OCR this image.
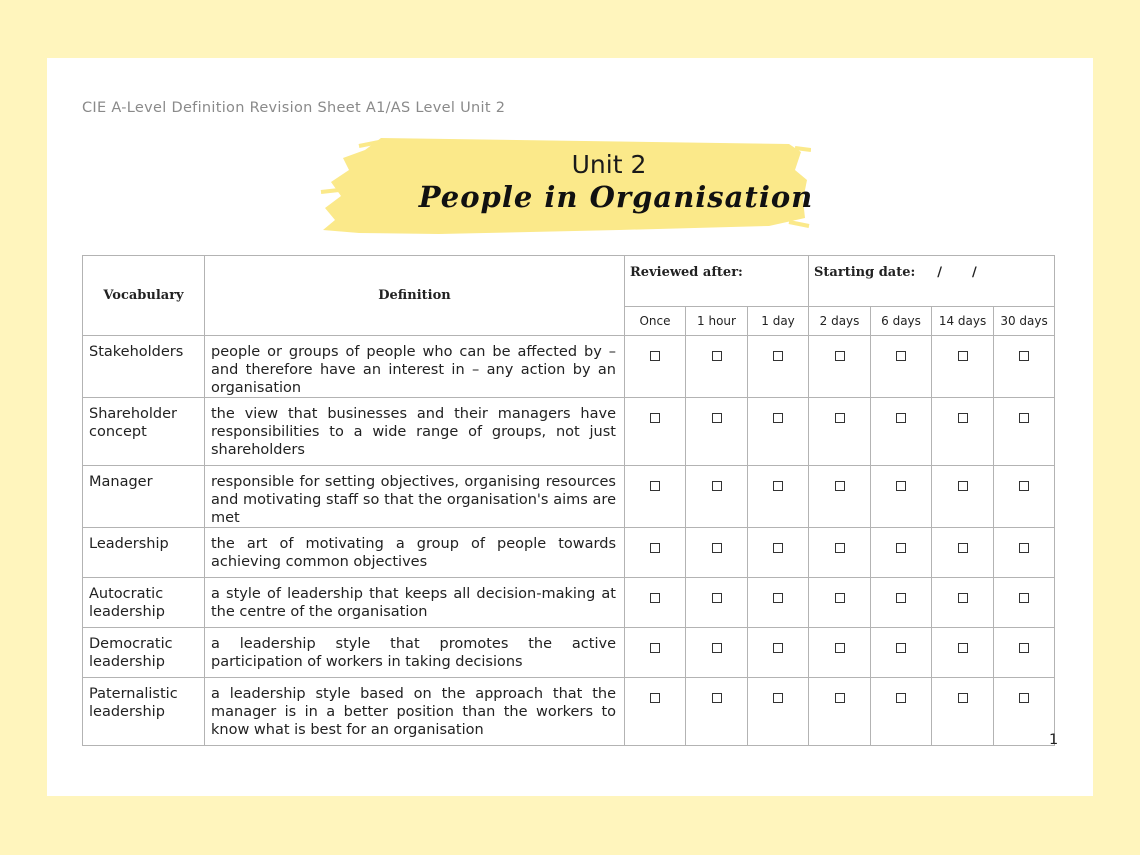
CIE A-Level Definition Revision Sheet A1/AS Level Unit 2
Unit 2
People in Organisation
Vocabulary	Definition	Reviewed after:			Starting date: / /			
		Once	1 hour	1 day	2 days	6 days	14 days	30 days
Stakeholders	people or groups of people who can be affected by – and therefore have an interest in – any action by an organisation							
Shareholder concept	the view that businesses and their managers have responsibilities to a wide range of groups, not just shareholders							
Manager	responsible for setting objectives, organising resources and motivating staff so that the organisation's aims are met							
Leadership	the art of motivating a group of people towards achieving common objectives							
Autocratic leadership	a style of leadership that keeps all decision-making at the centre of the organisation							
Democratic leadership	a leadership style that promotes the active participation of workers in taking decisions							
Paternalistic leadership	a leadership style based on the approach that the manager is in a better position than the workers to know what is best for an organisation							
1
